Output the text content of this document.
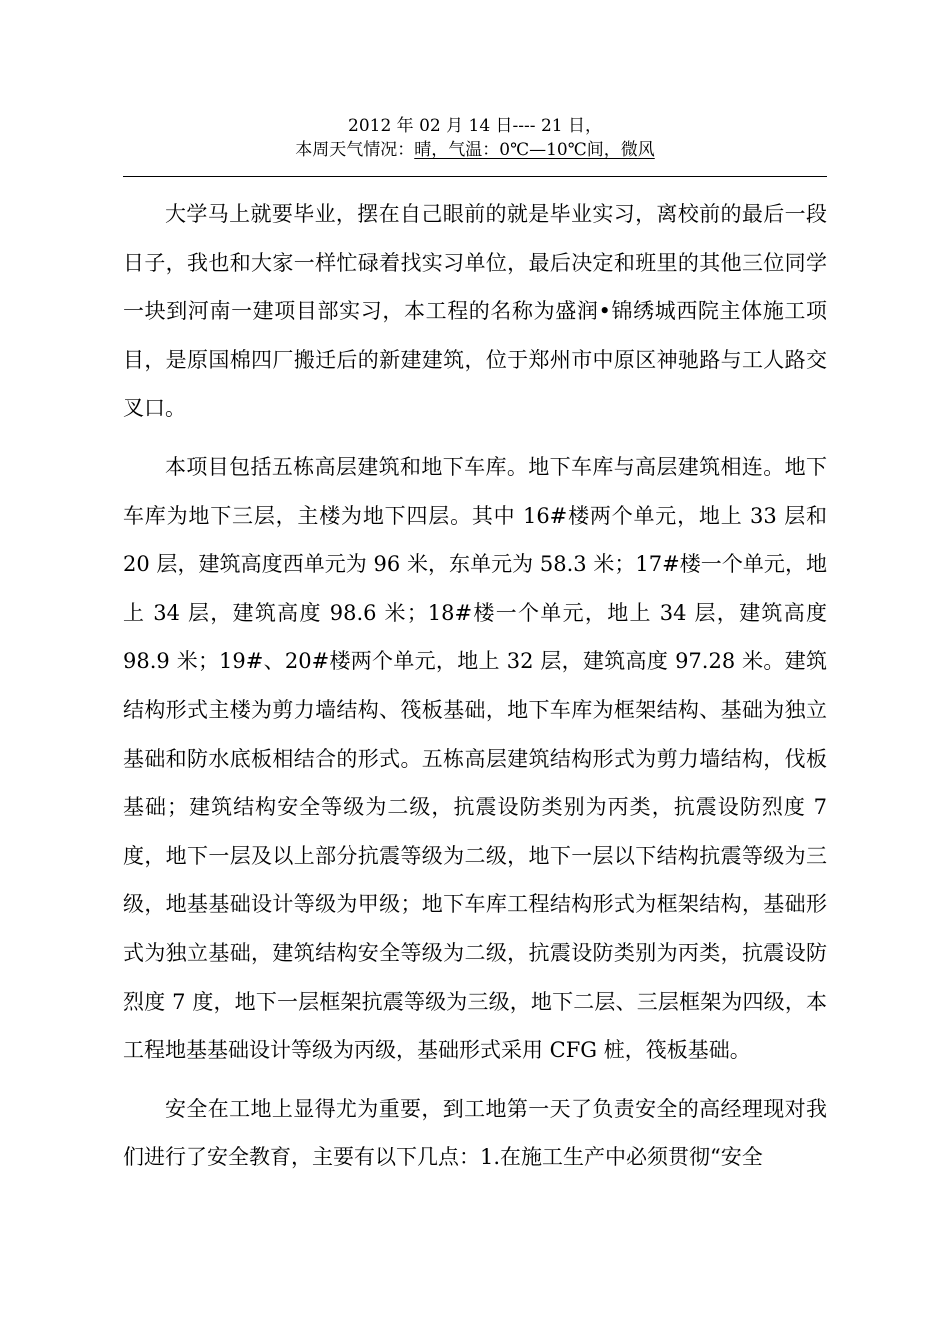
2012 年 02 月 14 日---- 21 日，
本周天气情况：晴，气温：0℃—10℃间，微风

大学马上就要毕业，摆在自己眼前的就是毕业实习，离校前的最后一段日子，我也和大家一样忙碌着找实习单位，最后决定和班里的其他三位同学一块到河南一建项目部实习，本工程的名称为盛润•锦绣城西院主体施工项目，是原国棉四厂搬迁后的新建建筑，位于郑州市中原区神驰路与工人路交叉口。

本项目包括五栋高层建筑和地下车库。地下车库与高层建筑相连。地下车库为地下三层，主楼为地下四层。其中 16#楼两个单元，地上 33 层和 20 层，建筑高度西单元为 96 米，东单元为 58.3 米；17#楼一个单元，地上 34 层，建筑高度 98.6 米；18#楼一个单元，地上 34 层，建筑高度 98.9 米；19#、20#楼两个单元，地上 32 层，建筑高度 97.28 米。建筑结构形式主楼为剪力墙结构、筏板基础，地下车库为框架结构、基础为独立基础和防水底板相结合的形式。五栋高层建筑结构形式为剪力墙结构，伐板基础；建筑结构安全等级为二级，抗震设防类别为丙类，抗震设防烈度 7 度，地下一层及以上部分抗震等级为二级，地下一层以下结构抗震等级为三级，地基基础设计等级为甲级；地下车库工程结构形式为框架结构，基础形式为独立基础，建筑结构安全等级为二级，抗震设防类别为丙类，抗震设防烈度 7 度，地下一层框架抗震等级为三级，地下二层、三层框架为四级，本工程地基基础设计等级为丙级，基础形式采用 CFG 桩，筏板基础。

安全在工地上显得尤为重要，到工地第一天了负责安全的高经理现对我们进行了安全教育，主要有以下几点：1.在施工生产中必须贯彻“安全
